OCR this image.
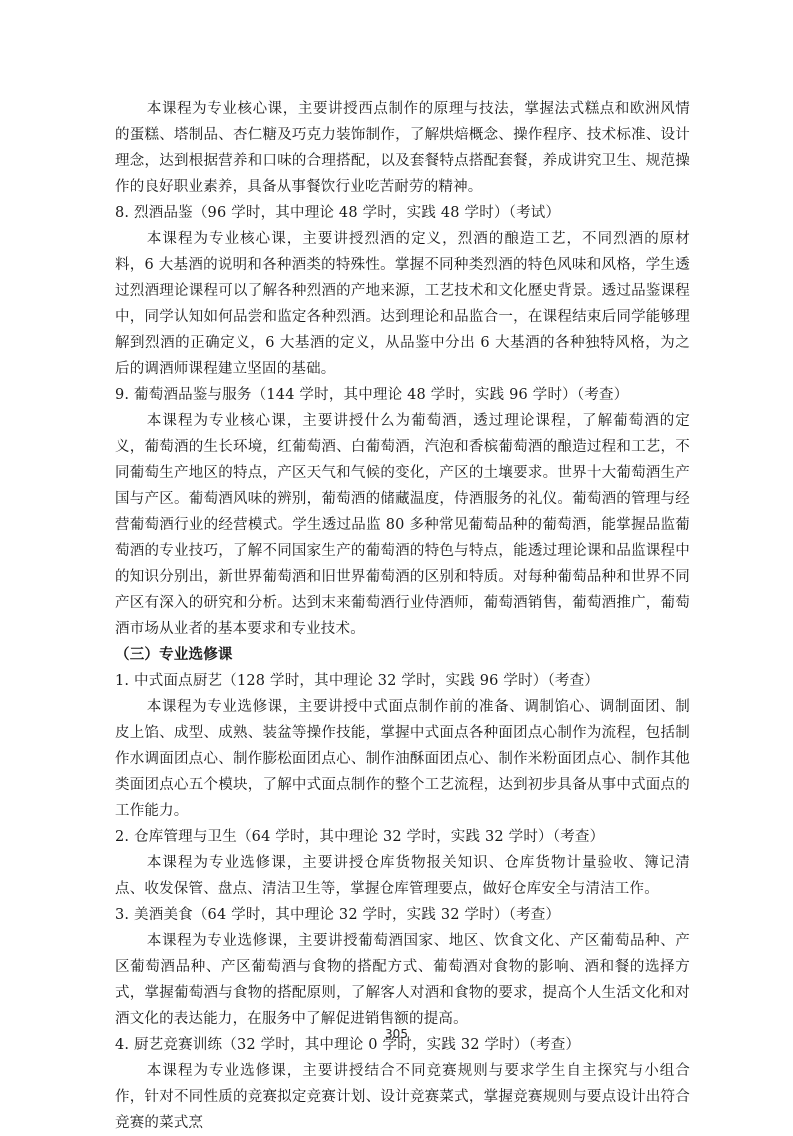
本课程为专业核心课，主要讲授西点制作的原理与技法，掌握法式糕点和欧洲风情的蛋糕、塔制品、杏仁糖及巧克力装饰制作，了解烘焙概念、操作程序、技术标准、设计理念，达到根据营养和口味的合理搭配，以及套餐特点搭配套餐，养成讲究卫生、规范操作的良好职业素养，具备从事餐饮行业吃苦耐劳的精神。

8. 烈酒品鉴（96 学时，其中理论 48 学时，实践 48 学时）（考试）

本课程为专业核心课，主要讲授烈酒的定义，烈酒的酿造工艺，不同烈酒的原材料，6 大基酒的说明和各种酒类的特殊性。掌握不同种类烈酒的特色风味和风格，学生透过烈酒理论课程可以了解各种烈酒的产地来源，工艺技术和文化歷史背景。透过品鉴课程中，同学认知如何品尝和监定各种烈酒。达到理论和品监合一，在课程结束后同学能够理解到烈酒的正确定义，6 大基酒的定义，从品鉴中分出 6 大基酒的各种独特风格，为之后的调酒师课程建立坚固的基础。

9. 葡萄酒品鉴与服务（144 学时，其中理论 48 学时，实践 96 学时）（考查）

本课程为专业核心课，主要讲授什么为葡萄酒，透过理论课程，了解葡萄酒的定义，葡萄酒的生长环境，红葡萄酒、白葡萄酒，汽泡和香槟葡萄酒的酿造过程和工艺，不同葡萄生产地区的特点，产区天气和气候的变化，产区的土壤要求。世界十大葡萄酒生产国与产区。葡萄酒风味的辨别，葡萄酒的储藏温度，侍酒服务的礼仪。葡萄酒的管理与经营葡萄酒行业的经营模式。学生透过品监 80 多种常见葡萄品种的葡萄酒，能掌握品监葡萄酒的专业技巧，了解不同国家生产的葡萄酒的特色与特点，能透过理论课和品监课程中的知识分别出，新世界葡萄酒和旧世界葡萄酒的区别和特质。对每种葡萄品种和世界不同产区有深入的研究和分析。达到末来葡萄酒行业侍酒师，葡萄酒销售，葡萄酒推广，葡萄酒市场从业者的基本要求和专业技术。

（三）专业选修课

1. 中式面点厨艺（128 学时，其中理论 32 学时，实践 96 学时）（考查）

本课程为专业选修课，主要讲授中式面点制作前的准备、调制馅心、调制面团、制皮上馅、成型、成熟、装盆等操作技能，掌握中式面点各种面团点心制作为流程，包括制作水调面团点心、制作膨松面团点心、制作油酥面团点心、制作米粉面团点心、制作其他类面团点心五个模块，了解中式面点制作的整个工艺流程，达到初步具备从事中式面点的工作能力。

2. 仓库管理与卫生（64 学时，其中理论 32 学时，实践 32 学时）（考查）

本课程为专业选修课，主要讲授仓库货物报关知识、仓库货物计量验收、簿记清点、收发保管、盘点、清洁卫生等，掌握仓库管理要点，做好仓库安全与清洁工作。

3. 美酒美食（64 学时，其中理论 32 学时，实践 32 学时）（考查）

本课程为专业选修课，主要讲授葡萄酒国家、地区、饮食文化、产区葡萄品种、产区葡萄酒品种、产区葡萄酒与食物的搭配方式、葡萄酒对食物的影响、酒和餐的选择方式，掌握葡萄酒与食物的搭配原则，了解客人对酒和食物的要求，提高个人生活文化和对酒文化的表达能力，在服务中了解促进销售额的提高。

4. 厨艺竞赛训练（32 学时，其中理论 0 学时，实践 32 学时）（考查）

本课程为专业选修课，主要讲授结合不同竞赛规则与要求学生自主探究与小组合作，针对不同性质的竞赛拟定竞赛计划、设计竞赛菜式，掌握竞赛规则与要点设计出符合竞赛的菜式烹

305
